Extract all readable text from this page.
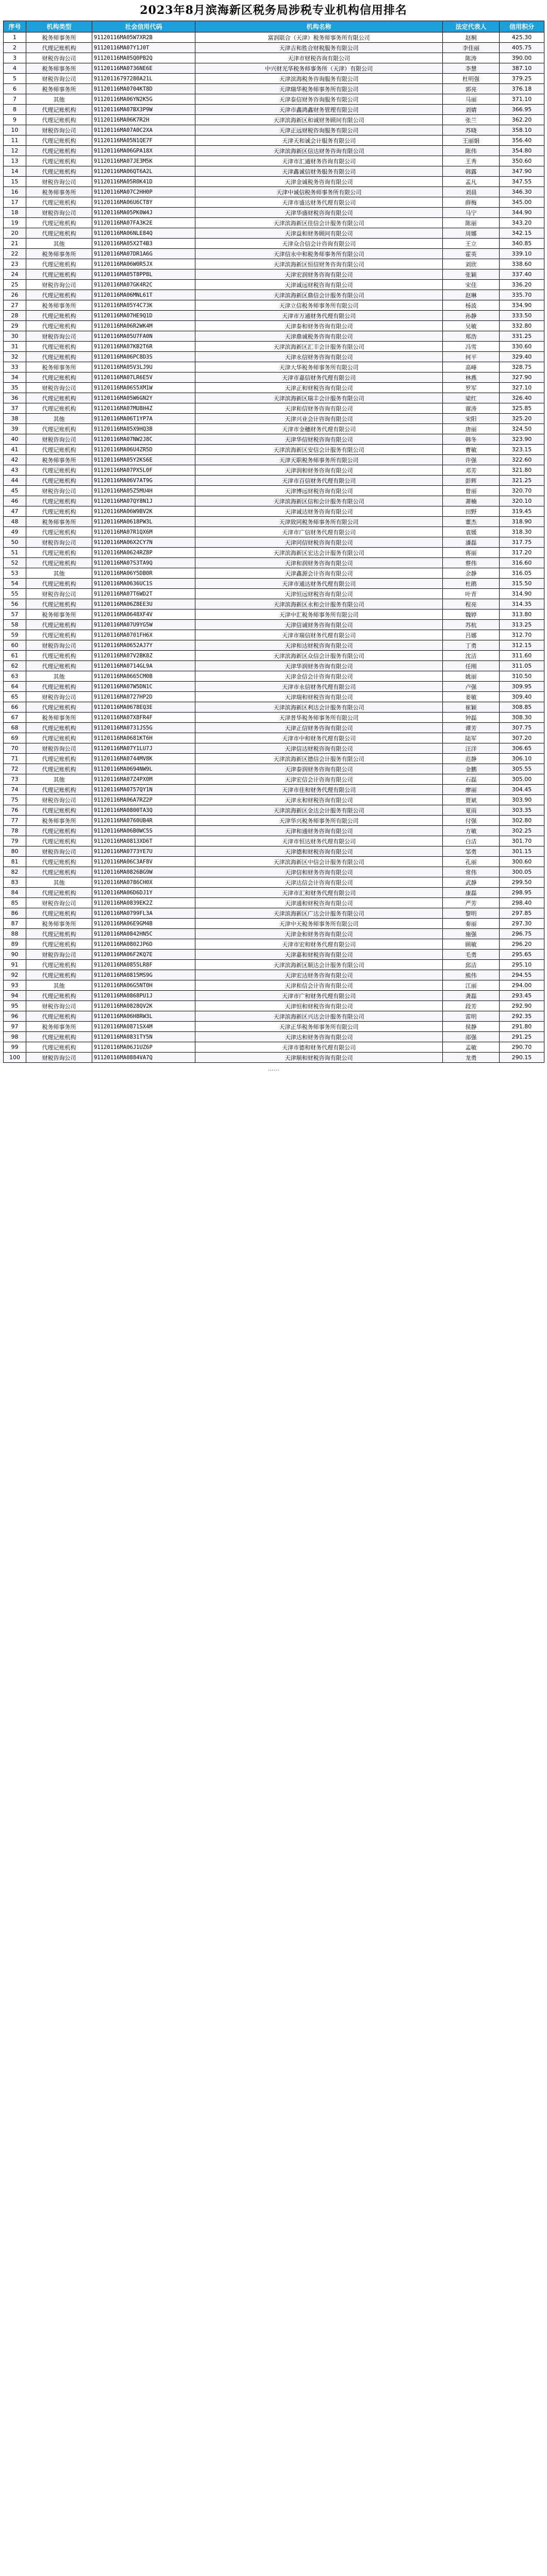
2023年8月滨海新区税务局涉税专业机构信用排名
序号	机构类型	社会信用代码	机构名称	法定代表人	信用积分
1	税务师事务所	91120116MA05W7XR2B	富润联合（天津）税务师事务所有限公司	赵桐	425.30
2	代理记账机构	91120116MA07Y1J0T	天津吉和胜合财税服务有限公司	李佳丽	405.75
3	财税咨询公司	91120116MA05Q0PB2Q	天津市财税咨询有限公司	陈涛	390.00
4	税务师事务所	91120116MA0736NE6E	中兴财光华税务师事务所（天津）有限公司	李慧	387.10
5	财税咨询公司	91120116797280A21L	天津滨海税务咨询服务有限公司	杜明强	379.25
6	税务师事务所	91120116MA0704KT8D	天津瑞华税务师事务所有限公司	郭亮	376.18
7	其他	91120116MA06YN2K5G	天津泰信财务咨询服务有限公司	马丽	371.10
8	代理记账机构	91120116MA07BX3P9W	天津市鑫鸿鑫财务管理有限公司	刘婧	366.95
9	代理记账机构	91120116MA06K7R2H	天津滨海新区和诚财务顾问有限公司	张兰	362.20
10	财税咨询公司	91120116MA07A0C2XA	天津正远财税咨询服务有限公司	苏晓	358.10
11	代理记账机构	91120116MA05N1QE7F	天津天和诚会计服务有限公司	王丽娟	356.40
12	代理记账机构	91120116MA06GPA18X	天津滨海新区信达财务咨询有限公司	陈伟	354.80
13	代理记账机构	91120116MA07JE3M5K	天津市汇通财务咨询有限公司	王秀	350.60
14	代理记账机构	91120116MA06QT6A2L	天津鑫诚信财务服务有限公司	韩露	347.90
15	财税咨询公司	91120116MA05R0K41D	天津金诚税务咨询有限公司	孟凡	347.55
16	税务师事务所	91120116MA07C2HH0P	天津中诚信税务师事务所有限公司	刘晨	346.30
17	代理记账机构	91120116MA06U6CT8Y	天津市盛达财务代理有限公司	薛梅	345.00
18	财税咨询公司	91120116MA05PK0W4J	天津华盛财税咨询有限公司	马宁	344.90
19	代理记账机构	91120116MA07FA3K2E	天津滨海新区佳信会计服务有限公司	陈丽	343.20
20	代理记账机构	91120116MA06NLE84Q	天津益和财务顾问有限公司	周娜	342.15
21	其他	91120116MA05X2T4B3	天津众合信会计咨询有限公司	王立	340.85
22	税务师事务所	91120116MA07DR1A6G	天津信永中和税务师事务所有限公司	霍英	339.10
23	代理记账机构	91120116MA06W0R5JX	天津滨海新区恒信财务咨询有限公司	刘欣	338.60
24	代理记账机构	91120116MA05T8PP8L	天津宏润财务咨询有限公司	张颖	337.40
25	财税咨询公司	91120116MA07GK4R2C	天津诚远财税咨询有限公司	宋佳	336.20
26	代理记账机构	91120116MA06MNL61T	天津滨海新区鼎信会计服务有限公司	赵琳	335.70
27	税务师事务所	91120116MA05Y4C73K	天津立信税务师事务所有限公司	杨波	334.90
28	代理记账机构	91120116MA07HE9Q1D	天津市万通财务代理有限公司	孙静	333.50
29	代理记账机构	91120116MA06R2WK4M	天津泰和财务咨询有限公司	吴敏	332.80
30	财税咨询公司	91120116MA05U7FA0N	天津鼎诚税务咨询有限公司	郑浩	331.25
31	代理记账机构	91120116MA07KB2T6R	天津滨海新区汇丰会计服务有限公司	冯雪	330.60
32	代理记账机构	91120116MA06PC8D3S	天津永信财务咨询有限公司	何平	329.40
33	税务师事务所	91120116MA05V3LJ9U	天津大华税务师事务所有限公司	高峰	328.75
34	代理记账机构	91120116MA07LR6E5V	天津市嘉信财务代理有限公司	林燕	327.90
35	财税咨询公司	91120116MA06S5XM1W	天津正和财税咨询有限公司	罗军	327.10
36	代理记账机构	91120116MA05W6GN2Y	天津滨海新区瑞丰会计服务有限公司	梁红	326.40
37	代理记账机构	91120116MA07MU8H4Z	天津和信财务咨询有限公司	谢涛	325.85
38	其他	91120116MA06T1YP7A	天津兴业会计咨询有限公司	宋阳	325.20
39	代理记账机构	91120116MA05X9HQ3B	天津市金穗财务代理有限公司	唐丽	324.50
40	财税咨询公司	91120116MA07NW2J8C	天津华信财税咨询有限公司	韩冬	323.90
41	代理记账机构	91120116MA06U4ZR5D	天津滨海新区安信会计服务有限公司	曹敏	323.15
42	税务师事务所	91120116MA05Y2KS6E	天津天职税务师事务所有限公司	许强	322.60
43	代理记账机构	91120116MA07PX5L0F	天津润和财务咨询有限公司	邓芳	321.80
44	代理记账机构	91120116MA06V7AT9G	天津市百信财务代理有限公司	彭辉	321.25
45	财税咨询公司	91120116MA05Z5MU4H	天津博远财税咨询有限公司	曾丽	320.70
46	代理记账机构	91120116MA07QY8N1J	天津滨海新区信和会计服务有限公司	萧楠	320.10
47	代理记账机构	91120116MA06W9BV2K	天津诚达财务咨询有限公司	田野	319.45
48	税务师事务所	91120116MA0618PW3L	天津致同税务师事务所有限公司	董杰	318.90
49	代理记账机构	91120116MA07R1QX6M	天津市广信财务代理有限公司	袁媛	318.30
50	财税咨询公司	91120116MA06X2CY7N	天津同信财税咨询有限公司	潘磊	317.75
51	代理记账机构	91120116MA0624RZ8P	天津滨海新区宏达会计服务有限公司	蒋丽	317.20
52	代理记账机构	91120116MA07S3TA9Q	天津和润财务咨询有限公司	蔡伟	316.60
53	其他	91120116MA06Y5DB0R	天津鑫源会计咨询有限公司	余静	316.05
54	代理记账机构	91120116MA0636UC1S	天津市通达财务代理有限公司	杜鹃	315.50
55	财税咨询公司	91120116MA07T6WD2T	天津恒远财税咨询有限公司	叶青	314.90
56	代理记账机构	91120116MA06Z8EE3U	天津滨海新区永和会计服务有限公司	程亮	314.35
57	税务师事务所	91120116MA0648XF4V	天津中汇税务师事务所有限公司	魏婷	313.80
58	代理记账机构	91120116MA07U9YG5W	天津信诚财务咨询有限公司	苏杭	313.25
59	代理记账机构	91120116MA0701FH6X	天津市瑞信财务代理有限公司	吕娜	312.70
60	财税咨询公司	91120116MA0652AJ7Y	天津和达财税咨询有限公司	丁勇	312.15
61	代理记账机构	91120116MA07V2BK8Z	天津滨海新区众信会计服务有限公司	沈洁	311.60
62	代理记账机构	91120116MA0714GL9A	天津华润财务咨询有限公司	任刚	311.05
63	其他	91120116MA0665CM0B	天津金信会计咨询有限公司	姚丽	310.50
64	代理记账机构	91120116MA07W5DN1C	天津市永信财务代理有限公司	卢强	309.95
65	财税咨询公司	91120116MA0727HP2D	天津瑞和财税咨询有限公司	姜敏	309.40
66	代理记账机构	91120116MA0678EQ3E	天津滨海新区利达会计服务有限公司	崔颖	308.85
67	税务师事务所	91120116MA07X8FR4F	天津普华税务师事务所有限公司	钟磊	308.30
68	代理记账机构	91120116MA0731JS5G	天津正信财务咨询有限公司	谭芳	307.75
69	代理记账机构	91120116MA0681KT6H	天津市中和财务代理有限公司	陆军	307.20
70	财税咨询公司	91120116MA07Y1LU7J	天津信达财税咨询有限公司	汪洋	306.65
71	代理记账机构	91120116MA0744MV8K	天津滨海新区德信会计服务有限公司	范静	306.10
72	代理记账机构	91120116MA0694NW9L	天津泰润财务咨询有限公司	金鹏	305.55
73	其他	91120116MA07Z4PX0M	天津宏信会计咨询有限公司	石磊	305.00
74	代理记账机构	91120116MA0757QY1N	天津市佳和财务代理有限公司	廖丽	304.45
75	财税咨询公司	91120116MA06A7RZ2P	天津永和财税咨询有限公司	贾斌	303.90
76	代理记账机构	91120116MA0800TA3Q	天津滨海新区金达会计服务有限公司	夏雨	303.35
77	税务师事务所	91120116MA0760UB4R	天津华兴税务师事务所有限公司	付强	302.80
78	代理记账机构	91120116MA06B0WC5S	天津和通财务咨询有限公司	方敏	302.25
79	代理记账机构	91120116MA0813XD6T	天津市恒达财务代理有限公司	白洁	301.70
80	财税咨询公司	91120116MA0773YE7U	天津德和财税咨询有限公司	邹勇	301.15
81	代理记账机构	91120116MA06C3AF8V	天津滨海新区中信会计服务有限公司	孔丽	300.60
82	代理记账机构	91120116MA0826BG9W	天津信和财务咨询有限公司	常伟	300.05
83	其他	91120116MA0786CH0X	天津达信会计咨询有限公司	武静	299.50
84	代理记账机构	91120116MA06D6DJ1Y	天津市汇和财务代理有限公司	康磊	298.95
85	财税咨询公司	91120116MA0839EK2Z	天津通和财税咨询有限公司	严芳	298.40
86	代理记账机构	91120116MA0799FL3A	天津滨海新区广达会计服务有限公司	黎明	297.85
87	税务师事务所	91120116MA06E9GM4B	天津中天税务师事务所有限公司	秦丽	297.30
88	代理记账机构	91120116MA0842HN5C	天津金和财务咨询有限公司	施强	296.75
89	代理记账机构	91120116MA0802JP6D	天津市宏和财务代理有限公司	顾敏	296.20
90	财税咨询公司	91120116MA06F2KQ7E	天津嘉和财税咨询有限公司	毛勇	295.65
91	代理记账机构	91120116MA0855LR8F	天津滨海新区顺达会计服务有限公司	邱洁	295.10
92	代理记账机构	91120116MA0815MS9G	天津宏达财务咨询有限公司	熊伟	294.55
93	其他	91120116MA06G5NT0H	天津和信会计咨询有限公司	江丽	294.00
94	代理记账机构	91120116MA0868PU1J	天津市广和财务代理有限公司	龚磊	293.45
95	财税咨询公司	91120116MA0828QV2K	天津恒和财税咨询有限公司	段芳	292.90
96	代理记账机构	91120116MA06H8RW3L	天津滨海新区兴达会计服务有限公司	雷明	292.35
97	税务师事务所	91120116MA0871SX4M	天津正华税务师事务所有限公司	侯静	291.80
98	代理记账机构	91120116MA0831TY5N	天津达和财务咨询有限公司	邵强	291.25
99	代理记账机构	91120116MA06J1UZ6P	天津市德和财务代理有限公司	孟敏	290.70
100	财税咨询公司	91120116MA0884VA7Q	天津顺和财税咨询有限公司	龙勇	290.15
……
